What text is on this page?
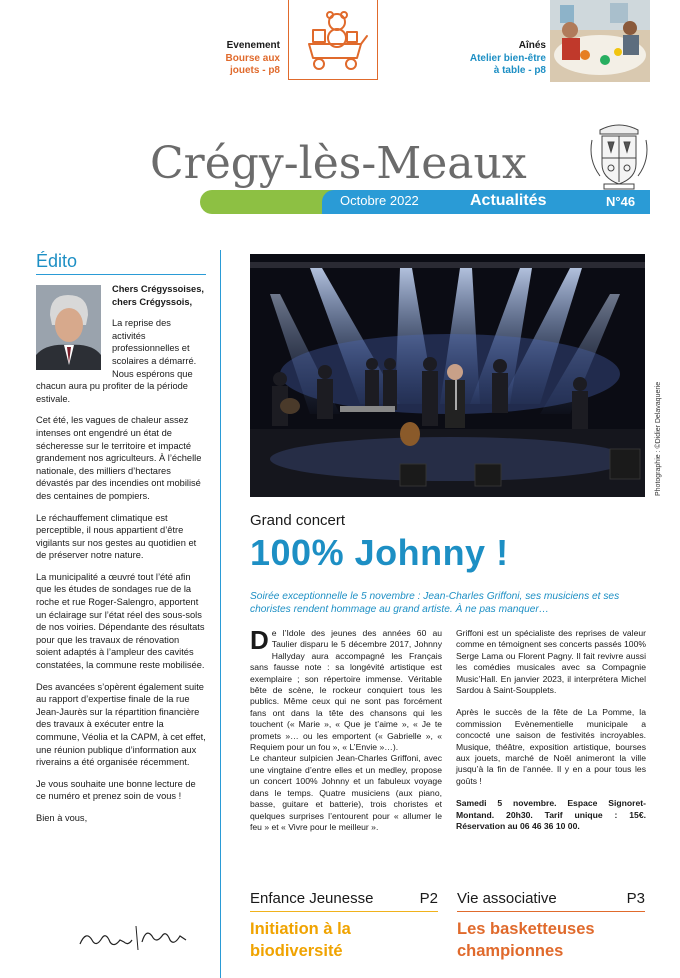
Evenement
Bourse aux
jouets - p8
Aînés
Atelier bien-être
à table - p8
Crégy-lès-Meaux
Octobre 2022	Actualités	N°46
Édito

Chers Crégyssoises, chers Crégyssois,

La reprise des activités professionnelles et scolaires a démarré. Nous espérons que chacun aura pu profiter de la période estivale.

Cet été, les vagues de chaleur assez intenses ont engendré un état de sécheresse sur le territoire et impacté grandement nos agriculteurs. À l’échelle nationale, des milliers d’hectares dévastés par des incendies ont mobilisé des centaines de pompiers.

Le réchauffement climatique est perceptible, il nous appartient d’être vigilants sur nos gestes au quotidien et de préserver notre nature.

La municipalité a œuvré tout l’été afin que les études de sondages rue de la roche et rue Roger-Salengro, apportent un éclairage sur l’état réel des sous-sols de nos voiries. Dépendante des résultats pour que les travaux de rénovation soient adaptés à l’ampleur des cavités constatées, la commune reste mobilisée.

Des avancées s’opèrent également suite au rapport d’expertise finale de la rue Jean-Jaurès sur la répartition financière des travaux à exécuter entre la commune, Véolia et la CAPM, à cet effet, une réunion publique d’information aux riverains a été organisée récemment.

Je vous souhaite une bonne lecture de ce numéro et prenez soin de vous !

Bien à vous,

Photographie : ©Didier Delavaquerie
Grand concert
100% Johnny !
Soirée exceptionnelle le 5 novembre : Jean-Charles Griffoni, ses musiciens et ses choristes rendent hommage au grand artiste. À ne pas manquer…

De l’Idole des jeunes des années 60 au Taulier disparu le 5 décembre 2017, Johnny Hallyday aura accompagné les Français sans fausse note : sa longévité artistique est exemplaire ; son répertoire immense. Véritable bête de scène, le rockeur conquiert tous les publics. Même ceux qui ne sont pas forcément fans ont dans la tête des chansons qui les touchent (« Marie », « Que je t’aime », « Je te promets »… ou les emportent (« Gabrielle », « Requiem pour un fou », « L’Envie »…).

Le chanteur sulpicien Jean-Charles Griffoni, avec une vingtaine d’entre elles et un medley, propose un concert 100% Johnny et un fabuleux voyage dans le temps. Quatre musiciens (aux piano, basse, guitare et batterie), trois choristes et quelques surprises l’entourent pour « allumer le feu » et « Vivre pour le meilleur ».

Griffoni est un spécialiste des reprises de valeur comme en témoignent ses concerts passés 100% Serge Lama ou Florent Pagny. Il fait revivre aussi les comédies musicales avec sa Compagnie Music’Hall. En janvier 2023, il interprétera Michel Sardou à Saint-Soupplets.

Après le succès de la fête de La Pomme, la commission Evènementielle municipale a concocté une saison de festivités incroyables. Musique, théâtre, exposition artistique, bourses aux jouets, marché de Noël animeront la ville jusqu’à la fin de l’année. Il y en a pour tous les goûts !

Samedi 5 novembre. Espace Signoret-Montand. 20h30. Tarif unique : 15€. Réservation au 06 46 36 10 00.

Enfance Jeunesse	P2
Initiation à la biodiversité
Vie associative	P3
Les basketteuses championnes
